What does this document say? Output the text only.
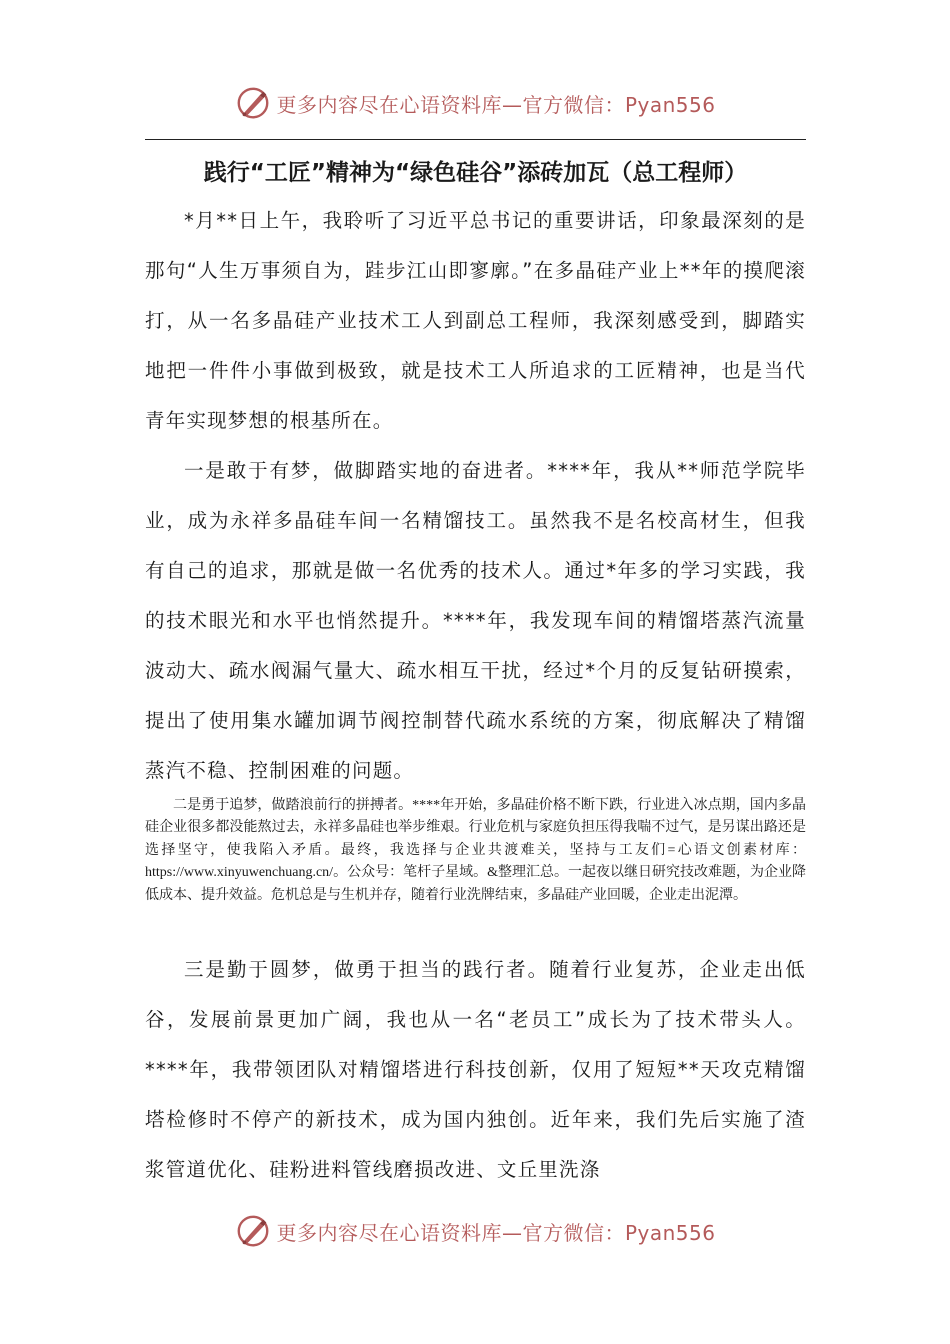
更多内容尽在心语资料库—官方微信：Pyan556
践行“工匠”精神为“绿色硅谷”添砖加瓦（总工程师）

*月**日上午，我聆听了习近平总书记的重要讲话，印象最深刻的是那句“人生万事须自为，跬步江山即寥廓。”在多晶硅产业上**年的摸爬滚打，从一名多晶硅产业技术工人到副总工程师，我深刻感受到，脚踏实地把一件件小事做到极致，就是技术工人所追求的工匠精神，也是当代青年实现梦想的根基所在。

一是敢于有梦，做脚踏实地的奋进者。****年，我从**师范学院毕业，成为永祥多晶硅车间一名精馏技工。虽然我不是名校高材生，但我有自己的追求，那就是做一名优秀的技术人。通过*年多的学习实践，我的技术眼光和水平也悄然提升。****年，我发现车间的精馏塔蒸汽流量波动大、疏水阀漏气量大、疏水相互干扰，经过*个月的反复钻研摸索，提出了使用集水罐加调节阀控制替代疏水系统的方案，彻底解决了精馏蒸汽不稳、控制困难的问题。

二是勇于追梦，做踏浪前行的拼搏者。****年开始，多晶硅价格不断下跌，行业进入冰点期，国内多晶硅企业很多都没能熬过去，永祥多晶硅也举步维艰。行业危机与家庭负担压得我喘不过气，是另谋出路还是选择坚守，使我陷入矛盾。最终，我选择与企业共渡难关，坚持与工友们=心语文创素材库：https://www.xinyuwenchuang.cn/。公众号：笔杆子星域。&整理汇总。一起夜以继日研究技改难题，为企业降低成本、提升效益。危机总是与生机并存，随着行业洗牌结束，多晶硅产业回暖，企业走出泥潭。

三是勤于圆梦，做勇于担当的践行者。随着行业复苏，企业走出低谷，发展前景更加广阔，我也从一名“老员工”成长为了技术带头人。****年，我带领团队对精馏塔进行科技创新，仅用了短短**天攻克精馏塔检修时不停产的新技术，成为国内独创。近年来，我们先后实施了渣浆管道优化、硅粉进料管线磨损改进、文丘里洗涤

更多内容尽在心语资料库—官方微信：Pyan556
